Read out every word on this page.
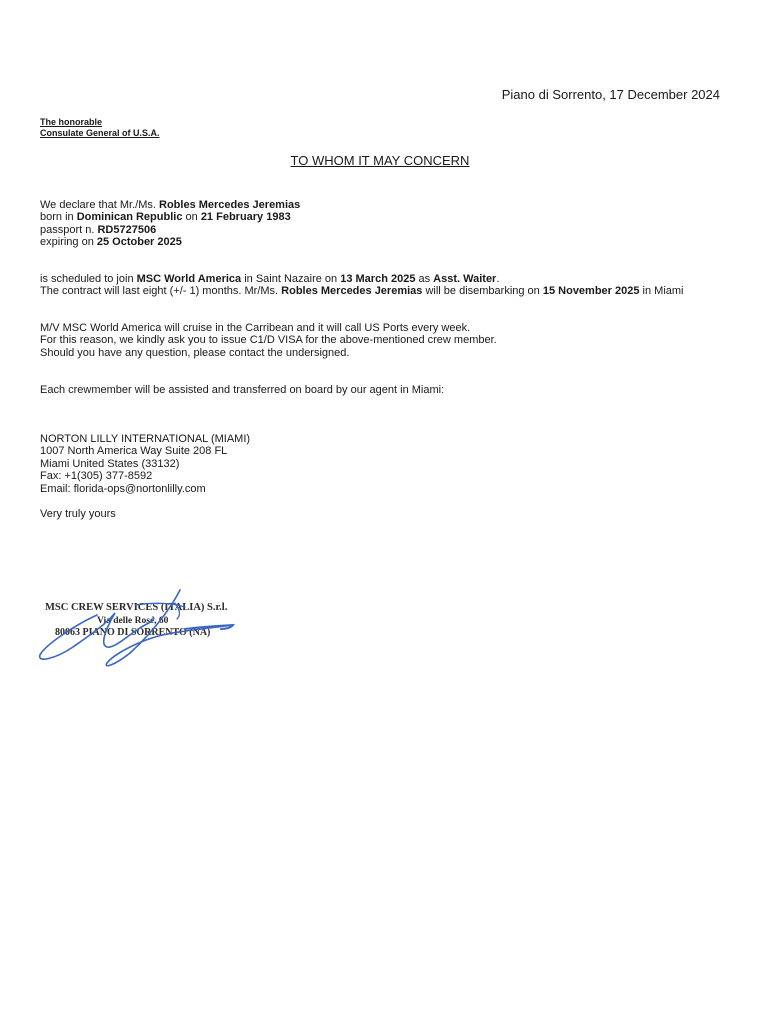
Piano di Sorrento, 17 December 2024
The honorable
Consulate General of U.S.A.
TO WHOM IT MAY CONCERN
We declare that Mr./Ms. Robles Mercedes Jeremias
born in Dominican Republic on 21 February 1983
passport n. RD5727506
expiring on 25 October 2025
is scheduled to join MSC World America in Saint Nazaire on 13 March 2025 as Asst. Waiter.
The contract will last eight (+/- 1) months. Mr/Ms. Robles Mercedes Jeremias will be disembarking on 15 November 2025 in Miami
M/V MSC World America will cruise in the Carribean and it will call US Ports every week.
For this reason, we kindly ask you to issue C1/D VISA for the above-mentioned crew member.
Should you have any question, please contact the undersigned.
Each crewmember will be assisted and transferred on board by our agent in Miami:
NORTON LILLY INTERNATIONAL (MIAMI)
1007 North America Way Suite 208 FL
Miami United States (33132)
Fax: +1(305) 377-8592
Email: florida-ops@nortonlilly.com
Very truly yours
MSC CREW SERVICES (ITALIA) S.r.l.
Via delle Rose, 60
80063 PIANO DI SORRENTO (NA)
